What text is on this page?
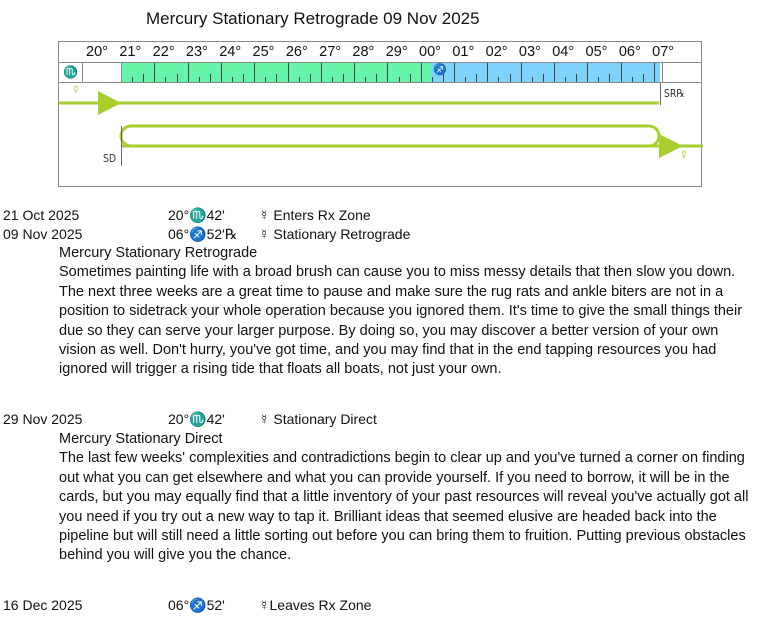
Mercury Stationary Retrograde 09 Nov 2025
20° 21° 22° 23° 24° 25° 26° 27° 28° 29° 00° 01° 02° 03° 04° 05° 06° 07°
♏	♐
☿
☿
SR℞
SD
21 Oct 2025	20°♏42' ☿ Enters Rx Zone
09 Nov 2025	06°♐52'℞ ☿ Stationary Retrograde
Mercury Stationary Retrograde
Sometimes painting life with a broad brush can cause you to miss messy details that then slow you down. The next three weeks are a great time to pause and make sure the rug rats and ankle biters are not in a position to sidetrack your whole operation because you ignored them. It's time to give the small things their due so they can serve your larger purpose. By doing so, you may discover a better version of your own vision as well. Don't hurry, you've got time, and you may find that in the end tapping resources you had ignored will trigger a rising tide that floats all boats, not just your own.
29 Nov 2025	20°♏42' ☿ Stationary Direct
Mercury Stationary Direct
The last few weeks' complexities and contradictions begin to clear up and you've turned a corner on finding out what you can get elsewhere and what you can provide yourself. If you need to borrow, it will be in the cards, but you may equally find that a little inventory of your past resources will reveal you've actually got all you need if you try out a new way to tap it. Brilliant ideas that seemed elusive are headed back into the pipeline but will still need a little sorting out before you can bring them to fruition. Putting previous obstacles behind you will give you the chance.
16 Dec 2025	06°♐52' ☿Leaves Rx Zone
